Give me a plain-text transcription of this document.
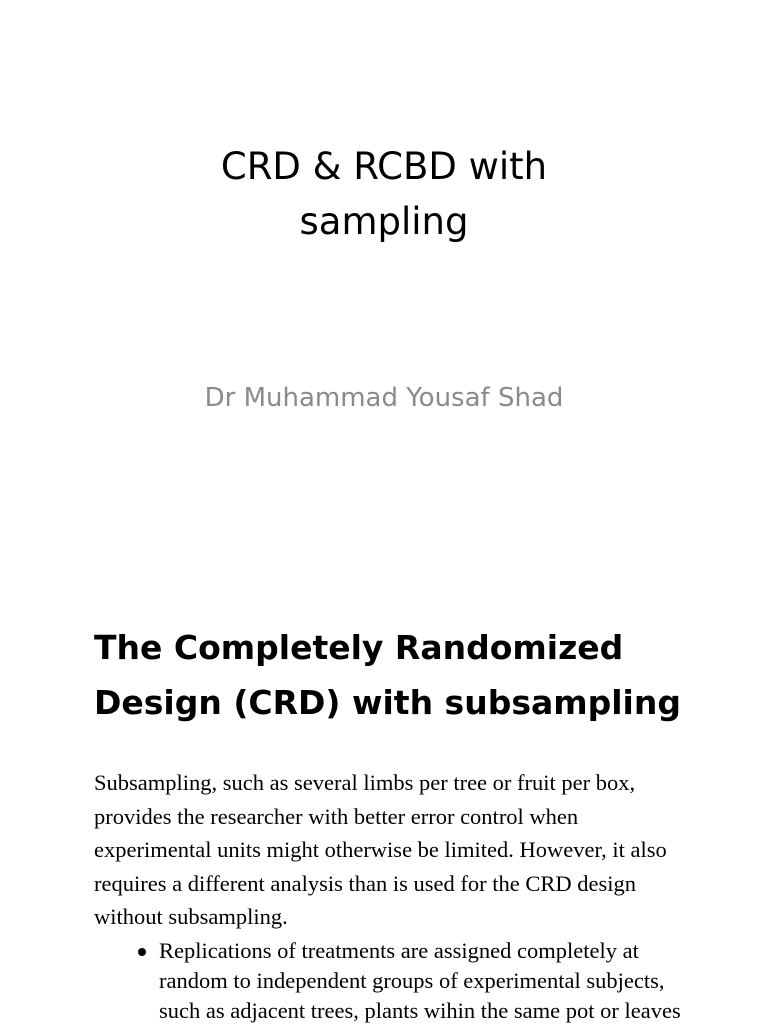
CRD & RCBD with
sampling
Dr Muhammad Yousaf Shad
The Completely Randomized
Design (CRD) with subsampling
Subsampling, such as several limbs per tree or fruit per box,
provides the researcher with better error control when
experimental units might otherwise be limited. However, it also
requires a different analysis than is used for the CRD design
without subsampling.
Replications of treatments are assigned completely at
random to independent groups of experimental subjects,
such as adjacent trees, plants wihin the same pot or leaves
